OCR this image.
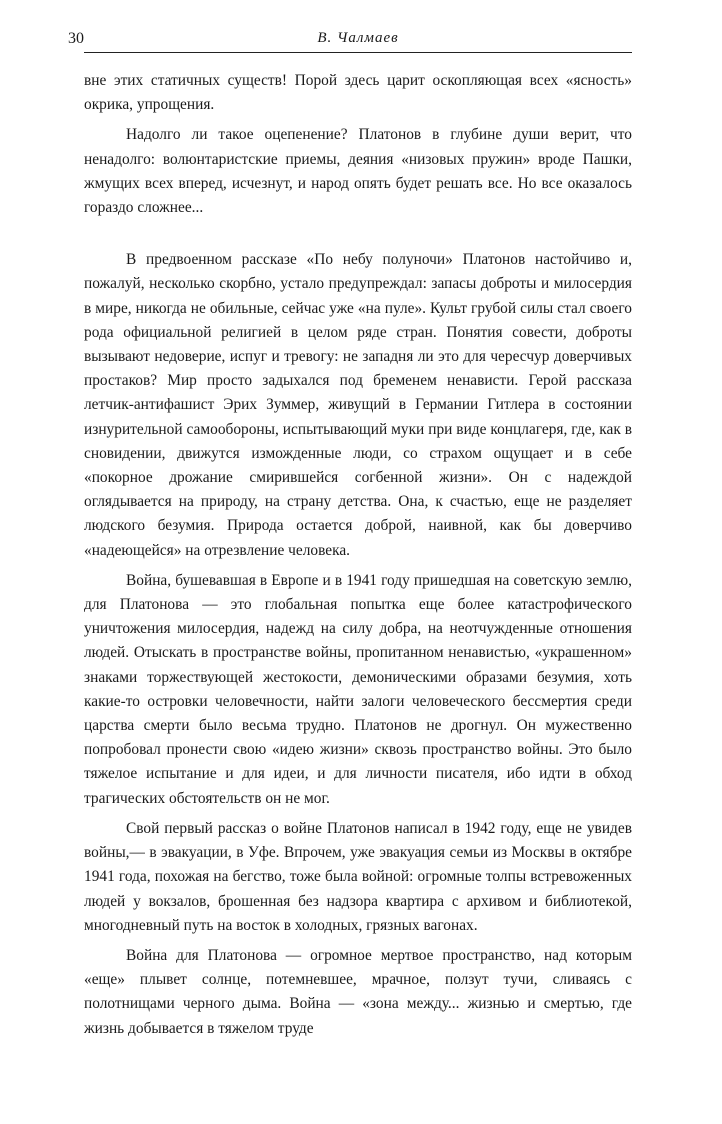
30	В. Чалмаев

вне этих статичных существ! Порой здесь царит оскопляющая всех «ясность» окрика, упрощения.

Надолго ли такое оцепенение? Платонов в глубине души верит, что ненадолго: волюнтаристские приемы, деяния «низовых пружин» вроде Пашки, жмущих всех вперед, исчезнут, и народ опять будет решать все. Но все оказалось гораздо сложнее...

В предвоенном рассказе «По небу полуночи» Платонов настойчиво и, пожалуй, несколько скорбно, устало предупреждал: запасы доброты и милосердия в мире, никогда не обильные, сейчас уже «на пуле». Культ грубой силы стал своего рода официальной религией в целом ряде стран. Понятия совести, доброты вызывают недоверие, испуг и тревогу: не западня ли это для чересчур доверчивых простаков? Мир просто задыхался под бременем ненависти. Герой рассказа летчик-антифашист Эрих Зуммер, живущий в Германии Гитлера в состоянии изнурительной самообороны, испытывающий муки при виде концлагеря, где, как в сновидении, движутся изможденные люди, со страхом ощущает и в себе «покорное дрожание смирившейся согбенной жизни». Он с надеждой оглядывается на природу, на страну детства. Она, к счастью, еще не разделяет людского безумия. Природа остается доброй, наивной, как бы доверчиво «надеющейся» на отрезвление человека.

Война, бушевавшая в Европе и в 1941 году пришедшая на советскую землю, для Платонова — это глобальная попытка еще более катастрофического уничтожения милосердия, надежд на силу добра, на неотчужденные отношения людей. Отыскать в пространстве войны, пропитанном ненавистью, «украшенном» знаками торжествующей жестокости, демоническими образами безумия, хоть какие-то островки человечности, найти залоги человеческого бессмертия среди царства смерти было весьма трудно. Платонов не дрогнул. Он мужественно попробовал пронести свою «идею жизни» сквозь пространство войны. Это было тяжелое испытание и для идеи, и для личности писателя, ибо идти в обход трагических обстоятельств он не мог.

Свой первый рассказ о войне Платонов написал в 1942 году, еще не увидев войны,— в эвакуации, в Уфе. Впрочем, уже эвакуация семьи из Москвы в октябре 1941 года, похожая на бегство, тоже была войной: огромные толпы встревоженных людей у вокзалов, брошенная без надзора квартира с архивом и библиотекой, многодневный путь на восток в холодных, грязных вагонах.

Война для Платонова — огромное мертвое пространство, над которым «еще» плывет солнце, потемневшее, мрачное, ползут тучи, сливаясь с полотнищами черного дыма. Война — «зона между... жизнью и смертью, где жизнь добывается в тяжелом труде
